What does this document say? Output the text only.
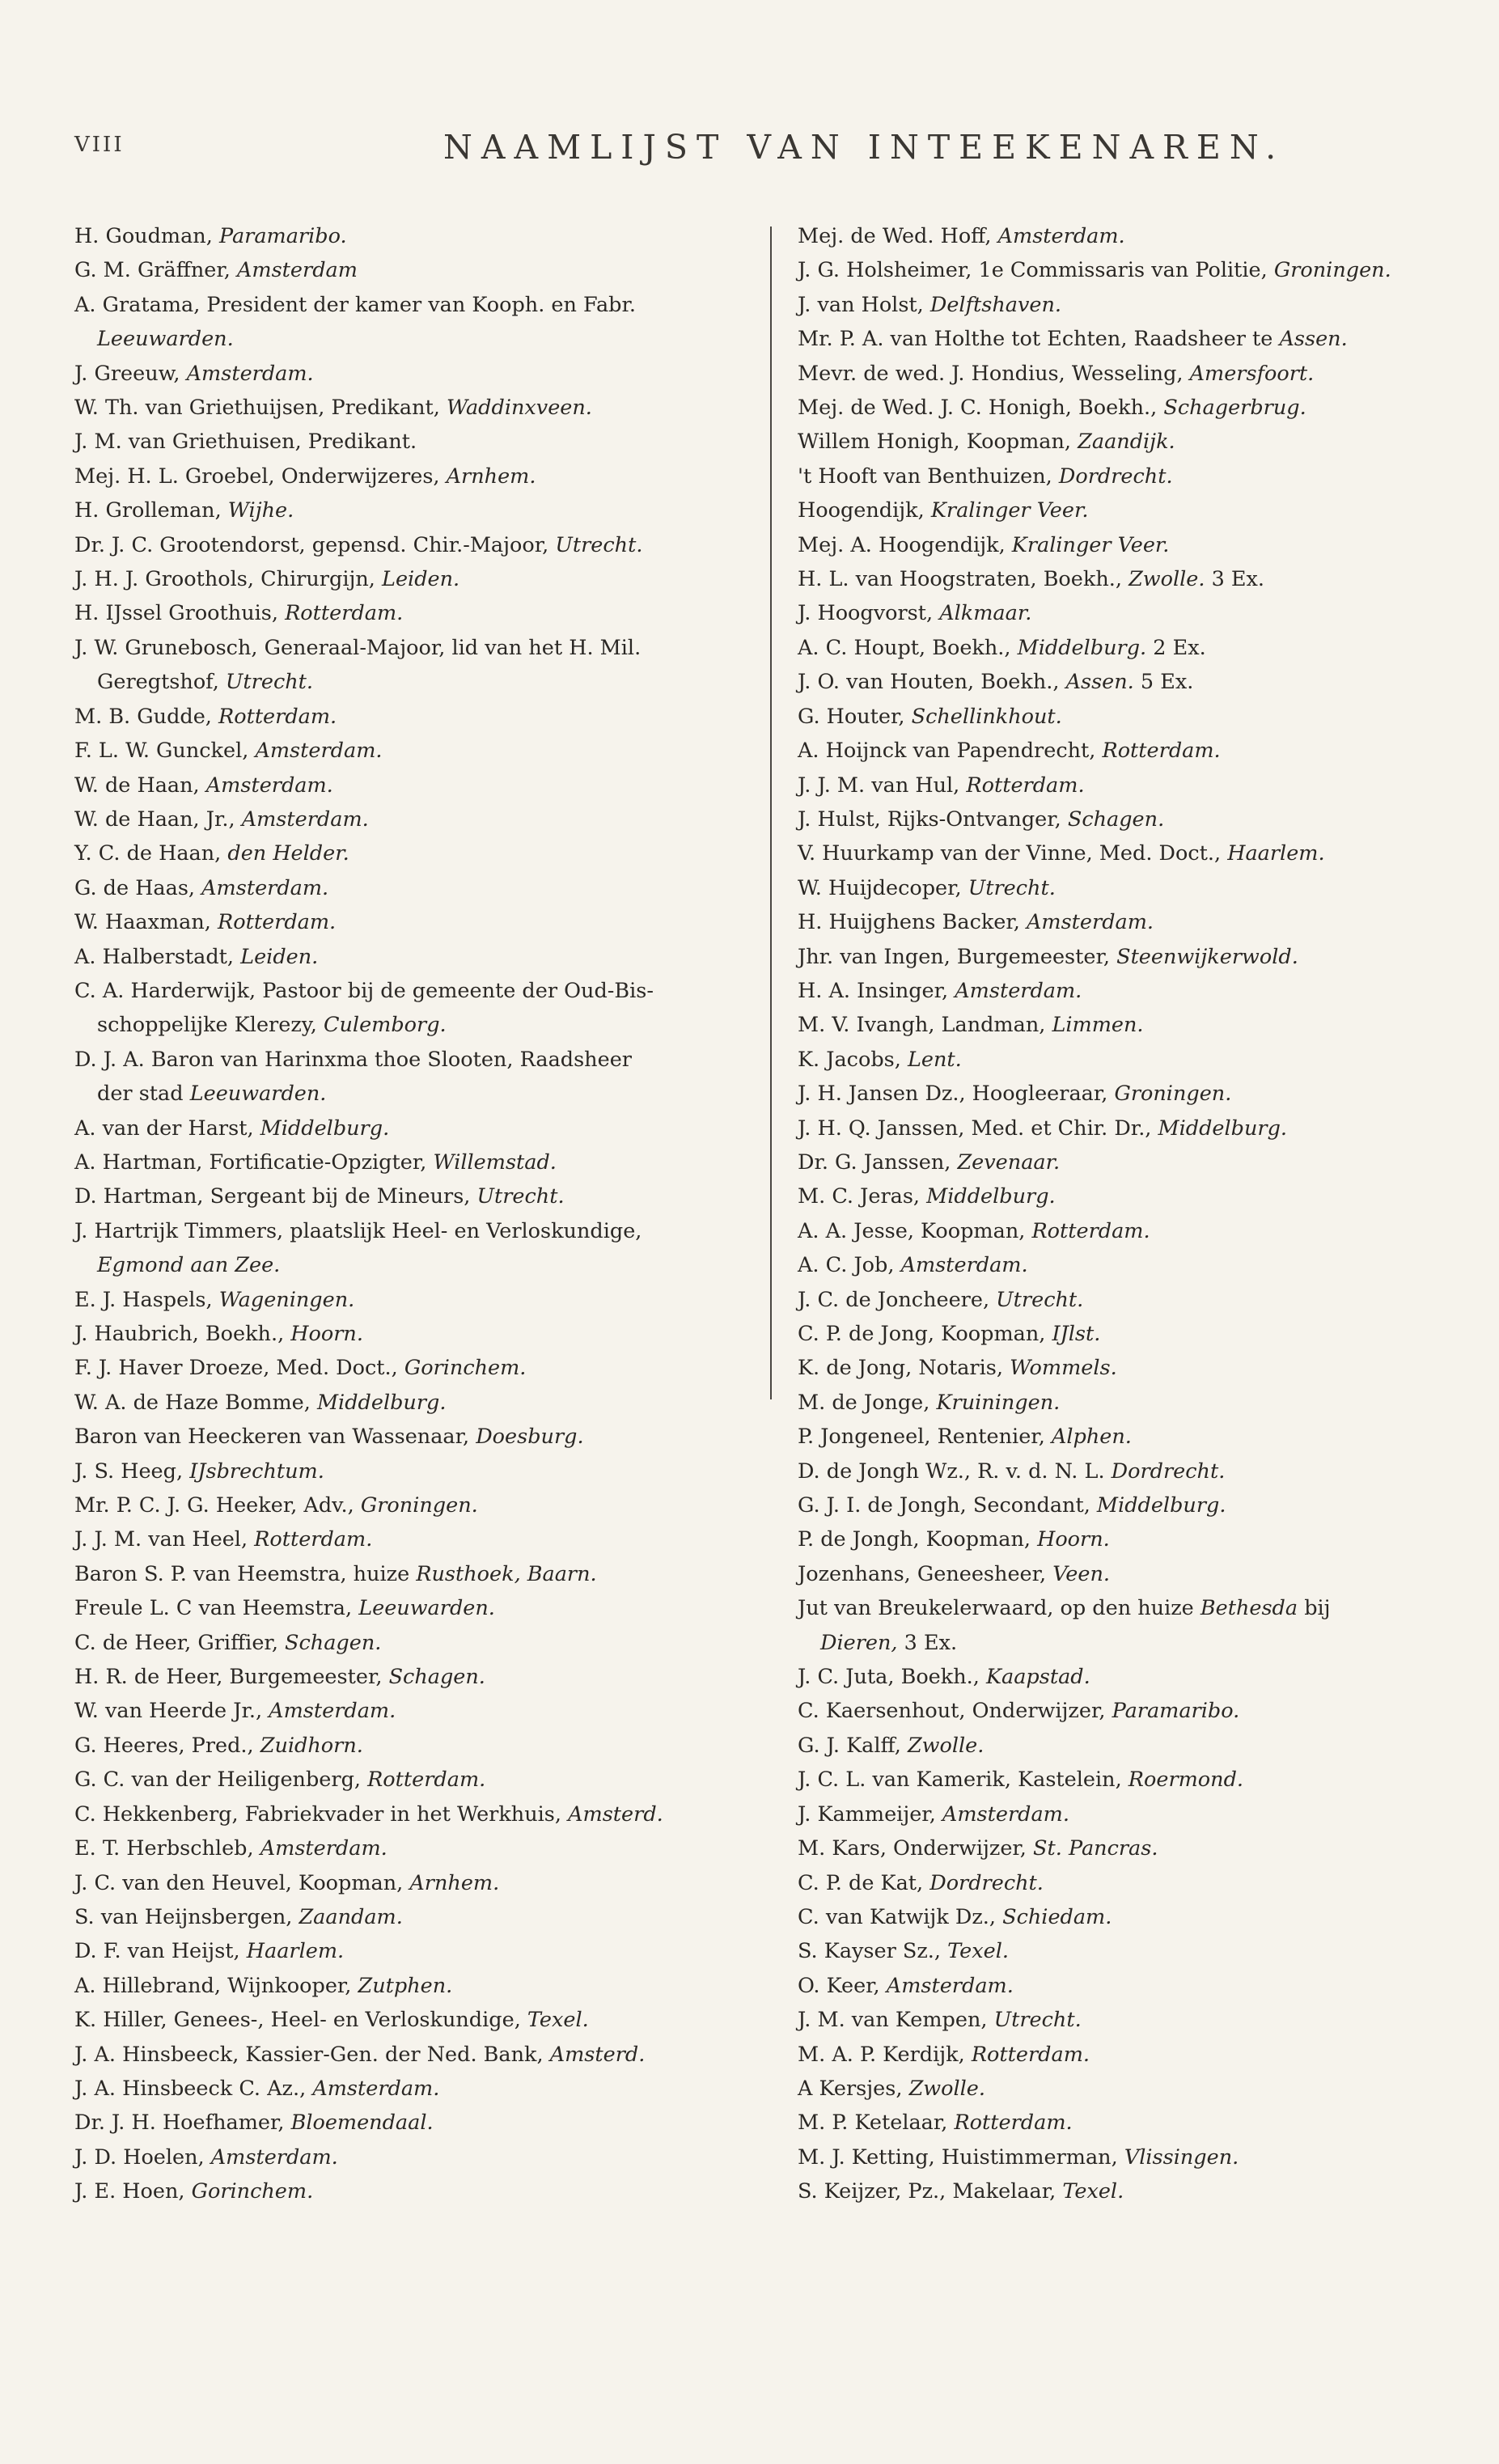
VIII	NAAMLIJST VAN INTEEKENAREN.
H. Goudman, Paramaribo.
G. M. Gräffner, Amsterdam
A. Gratama, President der kamer van Kooph. en Fabr.
Leeuwarden.
J. Greeuw, Amsterdam.
W. Th. van Griethuijsen, Predikant, Waddinxveen.
J. M. van Griethuisen, Predikant.
Mej. H. L. Groebel, Onderwijzeres, Arnhem.
H. Grolleman, Wijhe.
Dr. J. C. Grootendorst, gepensd. Chir.-Majoor, Utrecht.
J. H. J. Groothols, Chirurgijn, Leiden.
H. IJssel Groothuis, Rotterdam.
J. W. Grunebosch, Generaal-Majoor, lid van het H. Mil.
Geregtshof, Utrecht.
M. B. Gudde, Rotterdam.
F. L. W. Gunckel, Amsterdam.
W. de Haan, Amsterdam.
W. de Haan, Jr., Amsterdam.
Y. C. de Haan, den Helder.
G. de Haas, Amsterdam.
W. Haaxman, Rotterdam.
A. Halberstadt, Leiden.
C. A. Harderwijk, Pastoor bij de gemeente der Oud-Bis-
schoppelijke Klerezy, Culemborg.
D. J. A. Baron van Harinxma thoe Slooten, Raadsheer
der stad Leeuwarden.
A. van der Harst, Middelburg.
A. Hartman, Fortificatie-Opzigter, Willemstad.
D. Hartman, Sergeant bij de Mineurs, Utrecht.
J. Hartrijk Timmers, plaatslijk Heel- en Verloskundige,
Egmond aan Zee.
E. J. Haspels, Wageningen.
J. Haubrich, Boekh., Hoorn.
F. J. Haver Droeze, Med. Doct., Gorinchem.
W. A. de Haze Bomme, Middelburg.
Baron van Heeckeren van Wassenaar, Doesburg.
J. S. Heeg, IJsbrechtum.
Mr. P. C. J. G. Heeker, Adv., Groningen.
J. J. M. van Heel, Rotterdam.
Baron S. P. van Heemstra, huize Rusthoek, Baarn.
Freule L. C van Heemstra, Leeuwarden.
C. de Heer, Griffier, Schagen.
H. R. de Heer, Burgemeester, Schagen.
W. van Heerde Jr., Amsterdam.
G. Heeres, Pred., Zuidhorn.
G. C. van der Heiligenberg, Rotterdam.
C. Hekkenberg, Fabriekvader in het Werkhuis, Amsterd.
E. T. Herbschleb, Amsterdam.
J. C. van den Heuvel, Koopman, Arnhem.
S. van Heijnsbergen, Zaandam.
D. F. van Heijst, Haarlem.
A. Hillebrand, Wijnkooper, Zutphen.
K. Hiller, Genees-, Heel- en Verloskundige, Texel.
J. A. Hinsbeeck, Kassier-Gen. der Ned. Bank, Amsterd.
J. A. Hinsbeeck C. Az., Amsterdam.
Dr. J. H. Hoefhamer, Bloemendaal.
J. D. Hoelen, Amsterdam.
J. E. Hoen, Gorinchem.
Mej. de Wed. Hoff, Amsterdam.
J. G. Holsheimer, 1e Commissaris van Politie, Groningen.
J. van Holst, Delftshaven.
Mr. P. A. van Holthe tot Echten, Raadsheer te Assen.
Mevr. de wed. J. Hondius, Wesseling, Amersfoort.
Mej. de Wed. J. C. Honigh, Boekh., Schagerbrug.
Willem Honigh, Koopman, Zaandijk.
't Hooft van Benthuizen, Dordrecht.
Hoogendijk, Kralinger Veer.
Mej. A. Hoogendijk, Kralinger Veer.
H. L. van Hoogstraten, Boekh., Zwolle. 3 Ex.
J. Hoogvorst, Alkmaar.
A. C. Houpt, Boekh., Middelburg. 2 Ex.
J. O. van Houten, Boekh., Assen. 5 Ex.
G. Houter, Schellinkhout.
A. Hoijnck van Papendrecht, Rotterdam.
J. J. M. van Hul, Rotterdam.
J. Hulst, Rijks-Ontvanger, Schagen.
V. Huurkamp van der Vinne, Med. Doct., Haarlem.
W. Huijdecoper, Utrecht.
H. Huijghens Backer, Amsterdam.
Jhr. van Ingen, Burgemeester, Steenwijkerwold.
H. A. Insinger, Amsterdam.
M. V. Ivangh, Landman, Limmen.
K. Jacobs, Lent.
J. H. Jansen Dz., Hoogleeraar, Groningen.
J. H. Q. Janssen, Med. et Chir. Dr., Middelburg.
Dr. G. Janssen, Zevenaar.
M. C. Jeras, Middelburg.
A. A. Jesse, Koopman, Rotterdam.
A. C. Job, Amsterdam.
J. C. de Joncheere, Utrecht.
C. P. de Jong, Koopman, IJlst.
K. de Jong, Notaris, Wommels.
M. de Jonge, Kruiningen.
P. Jongeneel, Rentenier, Alphen.
D. de Jongh Wz., R. v. d. N. L. Dordrecht.
G. J. I. de Jongh, Secondant, Middelburg.
P. de Jongh, Koopman, Hoorn.
Jozenhans, Geneesheer, Veen.
Jut van Breukelerwaard, op den huize Bethesda bij
Dieren, 3 Ex.
J. C. Juta, Boekh., Kaapstad.
C. Kaersenhout, Onderwijzer, Paramaribo.
G. J. Kalff, Zwolle.
J. C. L. van Kamerik, Kastelein, Roermond.
J. Kammeijer, Amsterdam.
M. Kars, Onderwijzer, St. Pancras.
C. P. de Kat, Dordrecht.
C. van Katwijk Dz., Schiedam.
S. Kayser Sz., Texel.
O. Keer, Amsterdam.
J. M. van Kempen, Utrecht.
M. A. P. Kerdijk, Rotterdam.
A Kersjes, Zwolle.
M. P. Ketelaar, Rotterdam.
M. J. Ketting, Huistimmerman, Vlissingen.
S. Keijzer, Pz., Makelaar, Texel.
